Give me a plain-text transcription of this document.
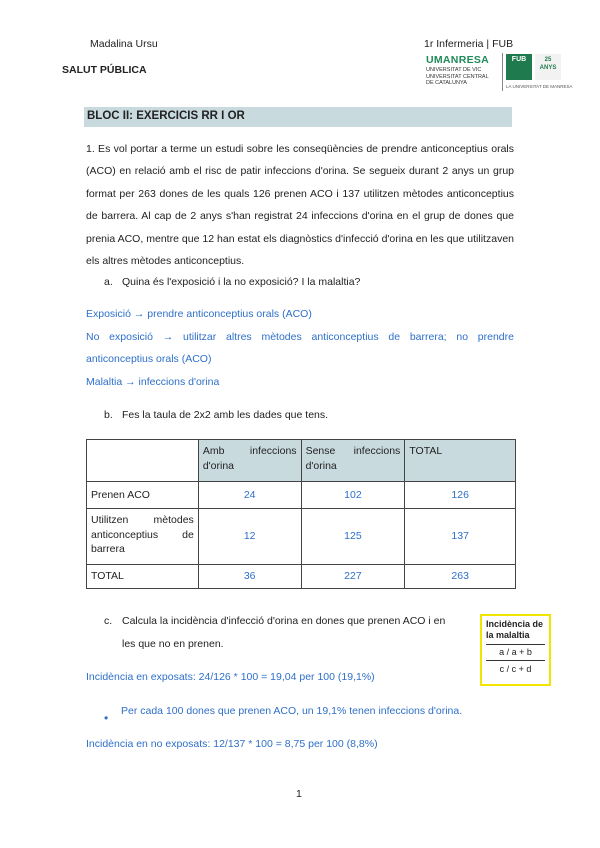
Madalina Ursu	1r Infermeria | FUB
SALUT PÚBLICA
UMANRESA
UNIVERSITAT DE VIC
UNIVERSITAT CENTRAL
DE CATALUNYA
FUB	25
ANYS
LA UNIVERSITAT DE MANRESA
BLOC II: EXERCICIS RR I OR
1. Es vol portar a terme un estudi sobre les conseqüències de prendre anticonceptius orals (ACO) en relació amb el risc de patir infeccions d'orina. Se segueix durant 2 anys un grup format per 263 dones de les quals 126 prenen ACO i 137 utilitzen mètodes anticonceptius de barrera. Al cap de 2 anys s'han registrat 24 infeccions d'orina en el grup de dones que prenia ACO, mentre que 12 han estat els diagnòstics d'infecció d'orina en les que utilitzaven els altres mètodes anticonceptius.
a. Quina és l'exposició i la no exposició? I la malaltia?
Exposició → prendre anticonceptius orals (ACO)
No exposició → utilitzar altres mètodes anticonceptius de barrera; no prendre anticonceptius orals (ACO)
Malaltia → infeccions d'orina
b. Fes la taula de 2x2 amb les dades que tens.
	Amb infeccions d'orina	Sense infeccions d'orina	TOTAL
Prenen ACO	24	102	126
Utilitzen mètodes anticonceptius de barrera	12	125	137
TOTAL	36	227	263
c. Calcula la incidència d'infecció d'orina en dones que prenen ACO i en
les que no en prenen.
Incidència de la malaltia
a / a + b
c / c + d
Incidència en exposats: 24/126 * 100 = 19,04 per 100 (19,1%)
• Per cada 100 dones que prenen ACO, un 19,1% tenen infeccions d'orina.
Incidència en no exposats: 12/137 * 100 = 8,75 per 100 (8,8%)
1
